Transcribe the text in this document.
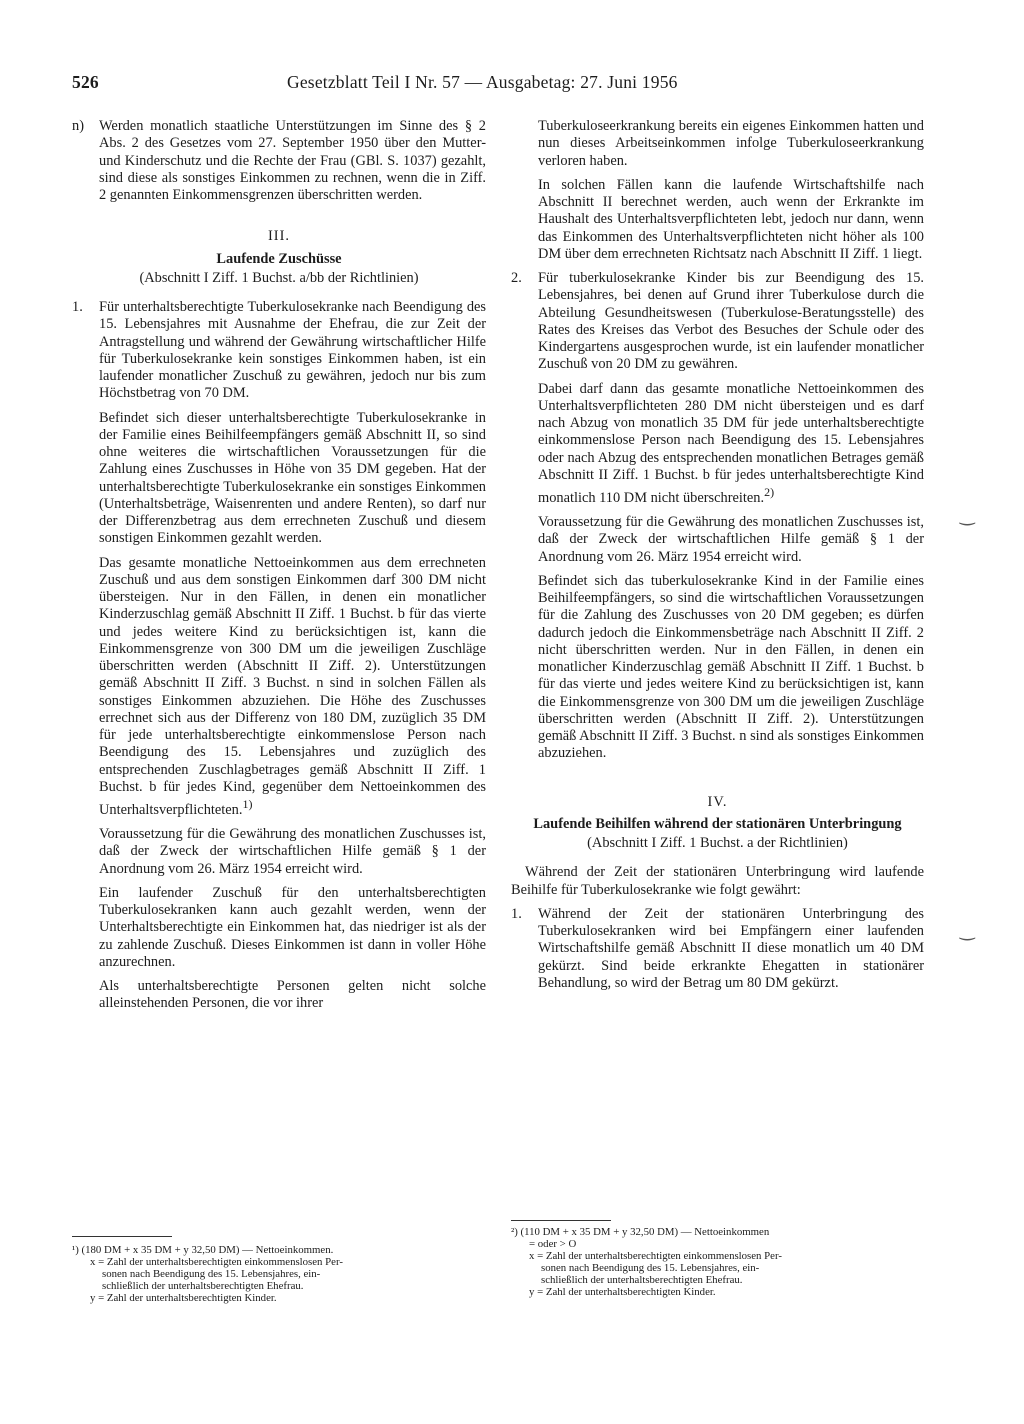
526	Gesetzblatt Teil I Nr. 57 — Ausgabetag: 27. Juni 1956
n)	Werden monatlich staatliche Unterstützungen im Sinne des § 2 Abs. 2 des Gesetzes vom 27. September 1950 über den Mutter- und Kinderschutz und die Rechte der Frau (GBl. S. 1037) gezahlt, sind diese als sonstiges Einkommen zu rechnen, wenn die in Ziff. 2 genannten Einkommensgrenzen überschritten werden.

III.

Laufende Zuschüsse

(Abschnitt I Ziff. 1 Buchst. a/bb der Richtlinien)

1.	Für unterhaltsberechtigte Tuberkulosekranke nach Beendigung des 15. Lebensjahres mit Ausnahme der Ehefrau, die zur Zeit der Antragstellung und während der Gewährung wirtschaftlicher Hilfe für Tuberkulosekranke kein sonstiges Einkommen haben, ist ein laufender monatlicher Zuschuß zu gewähren, jedoch nur bis zum Höchstbetrag von 70 DM.

Befindet sich dieser unterhaltsberechtigte Tuberkulosekranke in der Familie eines Beihilfeempfängers gemäß Abschnitt II, so sind ohne weiteres die wirtschaftlichen Voraussetzungen für die Zahlung eines Zuschusses in Höhe von 35 DM gegeben. Hat der unterhaltsberechtigte Tuberkulosekranke ein sonstiges Einkommen (Unterhaltsbeträge, Waisenrenten und andere Renten), so darf nur der Differenzbetrag aus dem errechneten Zuschuß und diesem sonstigen Einkommen gezahlt werden.

Das gesamte monatliche Nettoeinkommen aus dem errechneten Zuschuß und aus dem sonstigen Einkommen darf 300 DM nicht übersteigen. Nur in den Fällen, in denen ein monatlicher Kinderzuschlag gemäß Abschnitt II Ziff. 1 Buchst. b für das vierte und jedes weitere Kind zu berücksichtigen ist, kann die Einkommensgrenze von 300 DM um die jeweiligen Zuschläge überschritten werden (Abschnitt II Ziff. 2). Unterstützungen gemäß Abschnitt II Ziff. 3 Buchst. n sind in solchen Fällen als sonstiges Einkommen abzuziehen. Die Höhe des Zuschusses errechnet sich aus der Differenz von 180 DM, zuzüglich 35 DM für jede unterhaltsberechtigte einkommenslose Person nach Beendigung des 15. Lebensjahres und zuzüglich des entsprechenden Zuschlagbetrages gemäß Abschnitt II Ziff. 1 Buchst. b für jedes Kind, gegenüber dem Nettoeinkommen des Unterhaltsverpflichteten.$^{1)}$

Voraussetzung für die Gewährung des monatlichen Zuschusses ist, daß der Zweck der wirtschaftlichen Hilfe gemäß § 1 der Anordnung vom 26. März 1954 erreicht wird.

Ein laufender Zuschuß für den unterhaltsberechtigten Tuberkulosekranken kann auch gezahlt werden, wenn der Unterhaltsberechtigte ein Einkommen hat, das niedriger ist als der zu zahlende Zuschuß. Dieses Einkommen ist dann in voller Höhe anzurechnen.

Als unterhaltsberechtigte Personen gelten nicht solche alleinstehenden Personen, die vor ihrer

Tuberkuloseerkrankung bereits ein eigenes Einkommen hatten und nun dieses Arbeitseinkommen infolge Tuberkuloseerkrankung verloren haben.

In solchen Fällen kann die laufende Wirtschaftshilfe nach Abschnitt II berechnet werden, auch wenn der Erkrankte im Haushalt des Unterhaltsverpflichteten lebt, jedoch nur dann, wenn das Einkommen des Unterhaltsverpflichteten nicht höher als 100 DM über dem errechneten Richtsatz nach Abschnitt II Ziff. 1 liegt.

2.	Für tuberkulosekranke Kinder bis zur Beendigung des 15. Lebensjahres, bei denen auf Grund ihrer Tuberkulose durch die Abteilung Gesundheitswesen (Tuberkulose-Beratungsstelle) des Rates des Kreises das Verbot des Besuches der Schule oder des Kindergartens ausgesprochen wurde, ist ein laufender monatlicher Zuschuß von 20 DM zu gewähren.

Dabei darf dann das gesamte monatliche Nettoeinkommen des Unterhaltsverpflichteten 280 DM nicht übersteigen und es darf nach Abzug von monatlich 35 DM für jede unterhaltsberechtigte einkommenslose Person nach Beendigung des 15. Lebensjahres oder nach Abzug des entsprechenden monatlichen Betrages gemäß Abschnitt II Ziff. 1 Buchst. b für jedes unterhaltsberechtigte Kind monatlich 110 DM nicht überschreiten.$^{2)}$

Voraussetzung für die Gewährung des monatlichen Zuschusses ist, daß der Zweck der wirtschaftlichen Hilfe gemäß § 1 der Anordnung vom 26. März 1954 erreicht wird.

Befindet sich das tuberkulosekranke Kind in der Familie eines Beihilfeempfängers, so sind die wirtschaftlichen Voraussetzungen für die Zahlung des Zuschusses von 20 DM gegeben; es dürfen dadurch jedoch die Einkommensbeträge nach Abschnitt II Ziff. 2 nicht überschritten werden. Nur in den Fällen, in denen ein monatlicher Kinderzuschlag gemäß Abschnitt II Ziff. 1 Buchst. b für das vierte und jedes weitere Kind zu berücksichtigen ist, kann die Einkommensgrenze von 300 DM um die jeweiligen Zuschläge überschritten werden (Abschnitt II Ziff. 2). Unterstützungen gemäß Abschnitt II Ziff. 3 Buchst. n sind als sonstiges Einkommen abzuziehen.

IV.

Laufende Beihilfen während der stationären Unterbringung

(Abschnitt I Ziff. 1 Buchst. a der Richtlinien)

Während der Zeit der stationären Unterbringung wird laufende Beihilfe für Tuberkulosekranke wie folgt gewährt:

1.	Während der Zeit der stationären Unterbringung des Tuberkulosekranken wird bei Empfängern einer laufenden Wirtschaftshilfe gemäß Abschnitt II diese monatlich um 40 DM gekürzt. Sind beide erkrankte Ehegatten in stationärer Behandlung, so wird der Betrag um 80 DM gekürzt.
¹) (180 DM + x 35 DM + y 32,50 DM) — Nettoeinkommen.
x = Zahl der unterhaltsberechtigten einkommenslosen Per-
sonen nach Beendigung des 15. Lebensjahres, ein-
schließlich der unterhaltsberechtigten Ehefrau.
y = Zahl der unterhaltsberechtigten Kinder.
²) (110 DM + x 35 DM + y 32,50 DM) — Nettoeinkommen
= oder > O
x = Zahl der unterhaltsberechtigten einkommenslosen Per-
sonen nach Beendigung des 15. Lebensjahres, ein-
schließlich der unterhaltsberechtigten Ehefrau.
y = Zahl der unterhaltsberechtigten Kinder.
‿
‿
